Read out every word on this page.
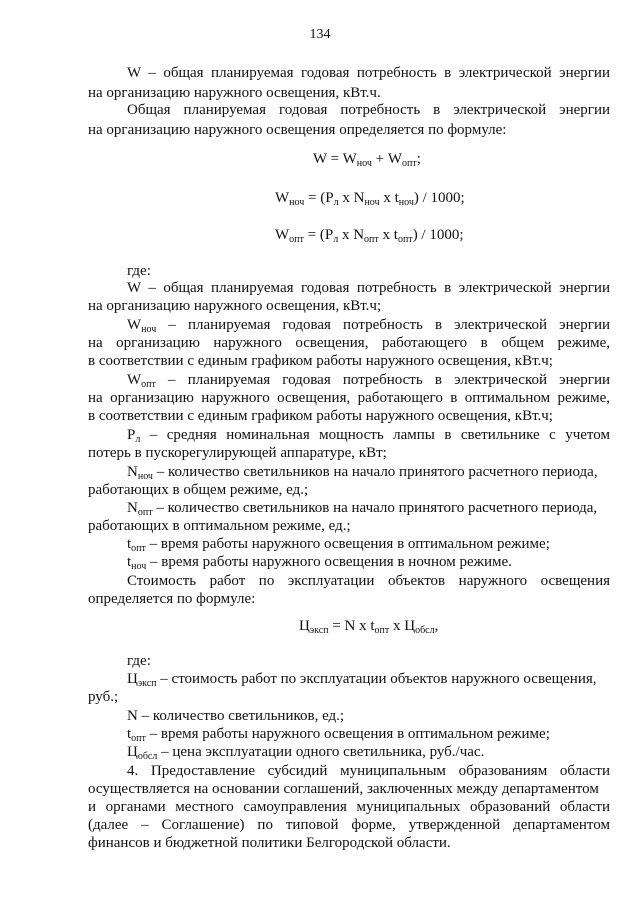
134
W – общая планируемая годовая потребность в электрической энергии
на организацию наружного освещения, кВт.ч.
Общая планируемая годовая потребность в электрической энергии
на организацию наружного освещения определяется по формуле:
$W = W_{ноч} + W_{опт}$;
$W_{ноч} = (P_л$ x $N_{ноч}$ x $t_{ноч}) / 1000$;
$W_{опт} = (P_л$ x $N_{опт}$ x $t_{опт}) / 1000$;
где:
W – общая планируемая годовая потребность в электрической энергии
на организацию наружного освещения, кВт.ч;
$W_{ноч}$ – планируемая годовая потребность в электрической энергии
на организацию наружного освещения, работающего в общем режиме,
в соответствии с единым графиком работы наружного освещения, кВт.ч;
$W_{опт}$ – планируемая годовая потребность в электрической энергии
на организацию наружного освещения, работающего в оптимальном режиме,
в соответствии с единым графиком работы наружного освещения, кВт.ч;
$P_л$ – средняя номинальная мощность лампы в светильнике с учетом
потерь в пускорегулирующей аппаратуре, кВт;
$N_{ноч}$ – количество светильников на начало принятого расчетного периода,
работающих в общем режиме, ед.;
$N_{опт}$ – количество светильников на начало принятого расчетного периода,
работающих в оптимальном режиме, ед.;
$t_{опт}$ – время работы наружного освещения в оптимальном режиме;
$t_{ноч}$ – время работы наружного освещения в ночном режиме.
Стоимость работ по эксплуатации объектов наружного освещения
определяется по формуле:
$Ц_{эксп} = N$ x $t_{опт}$ x $Ц_{обсл}$,
где:
$Ц_{эксп}$ – стоимость работ по эксплуатации объектов наружного освещения,
руб.;
N – количество светильников, ед.;
$t_{опт}$ – время работы наружного освещения в оптимальном режиме;
$Ц_{обсл}$ – цена эксплуатации одного светильника, руб./час.
4. Предоставление субсидий муниципальным образованиям области
осуществляется на основании соглашений, заключенных между департаментом
и органами местного самоуправления муниципальных образований области
(далее – Соглашение) по типовой форме, утвержденной департаментом
финансов и бюджетной политики Белгородской области.
